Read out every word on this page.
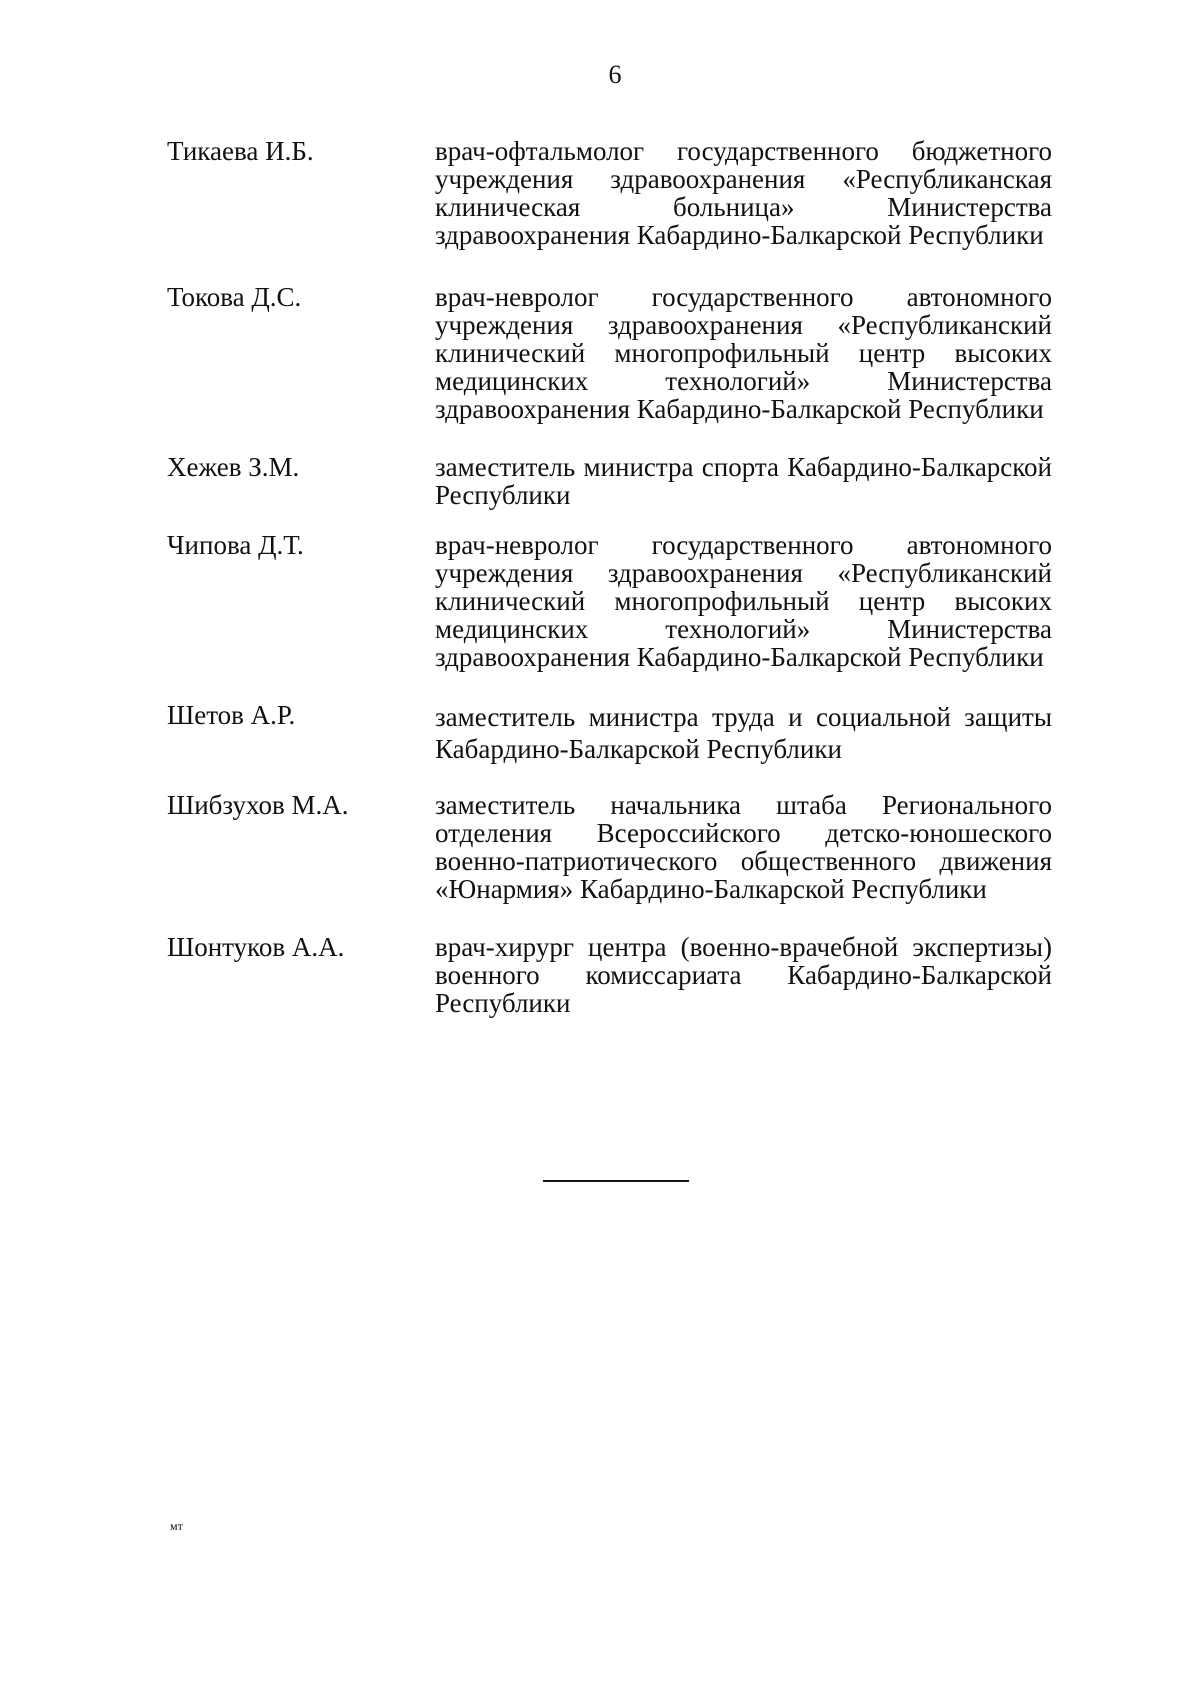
6
Тикаева И.Б.	врач-офтальмолог государственного бюджетного учреждения здравоохранения «Республиканская клиническая больница» Министерства здравоохранения Кабардино-Балкарской Республики
Токова Д.С.	врач-невролог государственного автономного учреждения здравоохранения «Республиканский клинический многопрофильный центр высоких медицинских технологий» Министерства здравоохранения Кабардино-Балкарской Республики
Хежев З.М.	заместитель министра спорта Кабардино-Балкарской Республики
Чипова Д.Т.	врач-невролог государственного автономного учреждения здравоохранения «Республиканский клинический многопрофильный центр высоких медицинских технологий» Министерства здравоохранения Кабардино-Балкарской Республики
Шетов А.Р.	заместитель министра труда и социальной защиты Кабардино-Балкарской Республики
Шибзухов М.А.	заместитель начальника штаба Регионального отделения Всероссийского детско-юношеского военно-патриотического общественного движения «Юнармия» Кабардино-Балкарской Республики
Шонтуков А.А.	врач-хирург центра (военно-врачебной экспертизы) военного комиссариата Кабардино-Балкарской Республики
мт
